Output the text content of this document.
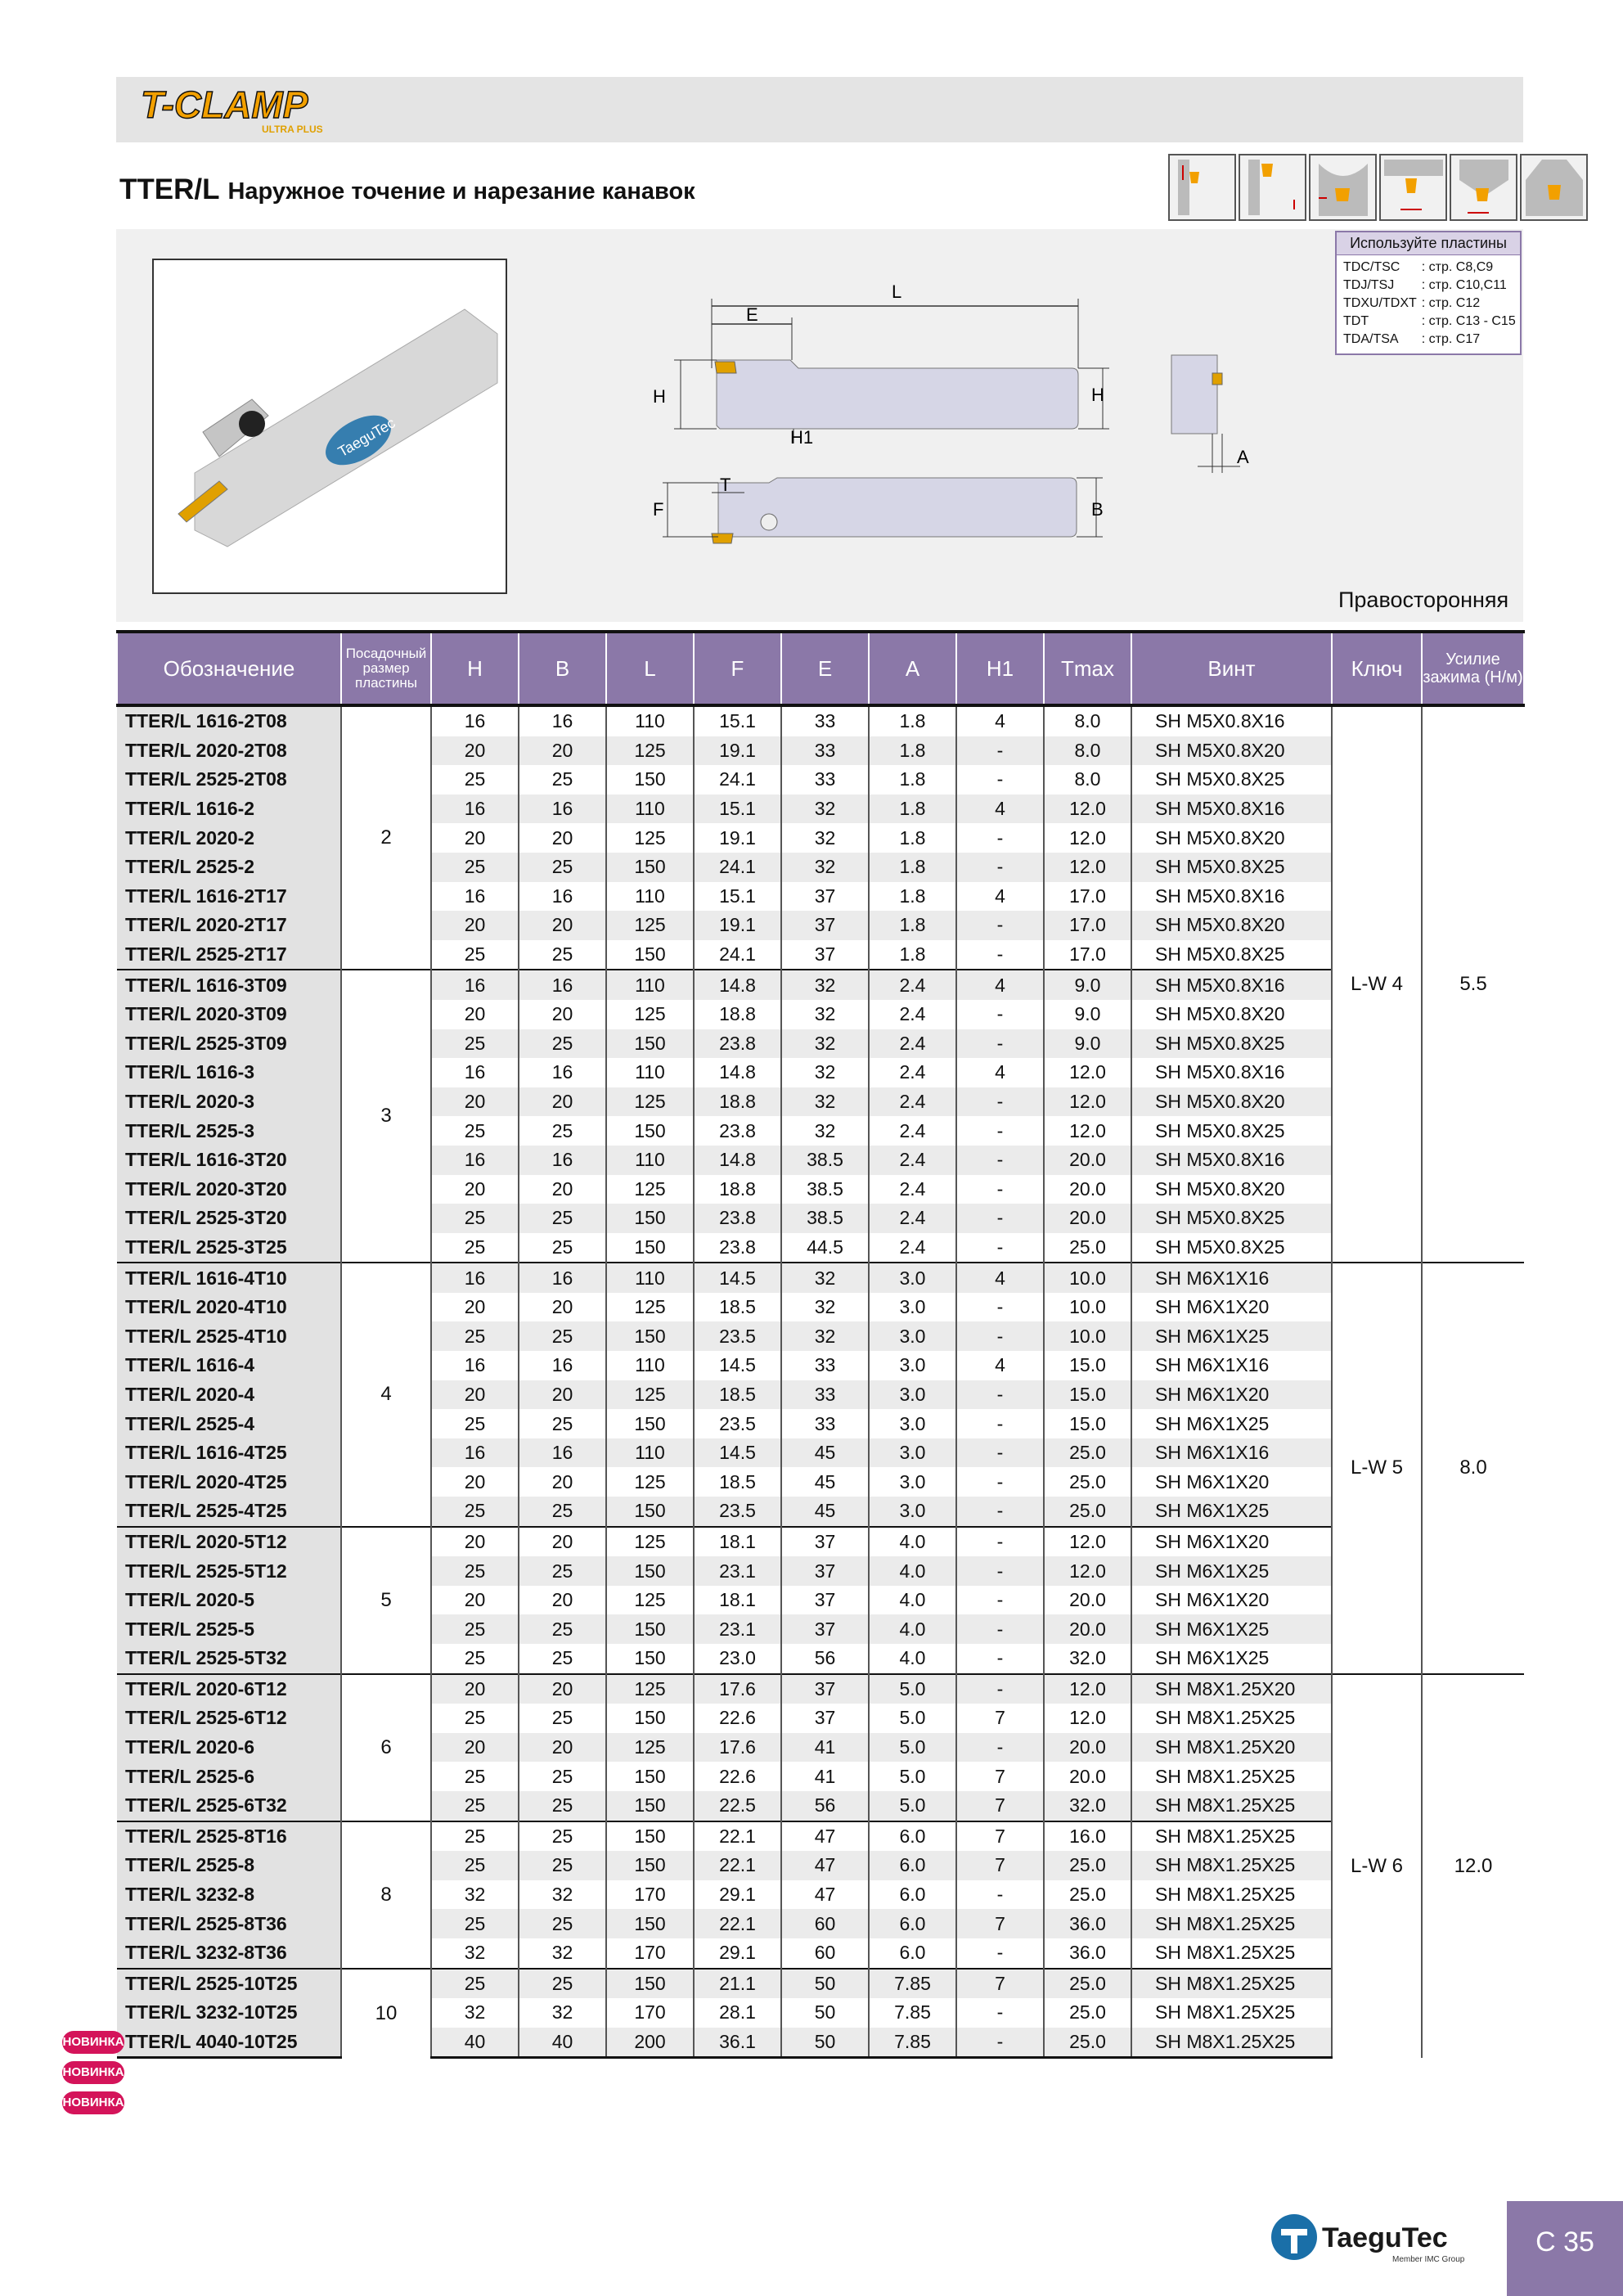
T-CLAMP
ULTRA PLUS
TTER/L Наружное точение и нарезание канавок
TaeguTec
L
E
H	H
H1
F
T
B
A
Используйте пластины
TDC/TSC	: стр. C8,C9
TDJ/TSJ	: стр. C10,C11
TDXU/TDXT	: стр. C12
TDT	: стр. C13 - C15
TDA/TSA	: стр. C17
Правосторонняя
Обозначение	Посадочный размер пластины	H	B	L	F	E	A	H1	Tmax	Винт	Ключ	Усилие зажима (Н/м)
TTER/L 1616-2T08	2	16	16	110	15.1	33	1.8	4	8.0	SH M5X0.8X16	L-W 4	5.5
TTER/L 2020-2T08		20	20	125	19.1	33	1.8	-	8.0	SH M5X0.8X20		
TTER/L 2525-2T08		25	25	150	24.1	33	1.8	-	8.0	SH M5X0.8X25		
TTER/L 1616-2		16	16	110	15.1	32	1.8	4	12.0	SH M5X0.8X16		
TTER/L 2020-2		20	20	125	19.1	32	1.8	-	12.0	SH M5X0.8X20		
TTER/L 2525-2		25	25	150	24.1	32	1.8	-	12.0	SH M5X0.8X25		
TTER/L 1616-2T17		16	16	110	15.1	37	1.8	4	17.0	SH M5X0.8X16		
TTER/L 2020-2T17		20	20	125	19.1	37	1.8	-	17.0	SH M5X0.8X20		
TTER/L 2525-2T17		25	25	150	24.1	37	1.8	-	17.0	SH M5X0.8X25		
TTER/L 1616-3T09	3	16	16	110	14.8	32	2.4	4	9.0	SH M5X0.8X16		
TTER/L 2020-3T09		20	20	125	18.8	32	2.4	-	9.0	SH M5X0.8X20		
TTER/L 2525-3T09		25	25	150	23.8	32	2.4	-	9.0	SH M5X0.8X25		
TTER/L 1616-3		16	16	110	14.8	32	2.4	4	12.0	SH M5X0.8X16		
TTER/L 2020-3		20	20	125	18.8	32	2.4	-	12.0	SH M5X0.8X20		
TTER/L 2525-3		25	25	150	23.8	32	2.4	-	12.0	SH M5X0.8X25		
TTER/L 1616-3T20		16	16	110	14.8	38.5	2.4	-	20.0	SH M5X0.8X16		
TTER/L 2020-3T20		20	20	125	18.8	38.5	2.4	-	20.0	SH M5X0.8X20		
TTER/L 2525-3T20		25	25	150	23.8	38.5	2.4	-	20.0	SH M5X0.8X25		
TTER/L 2525-3T25		25	25	150	23.8	44.5	2.4	-	25.0	SH M5X0.8X25		
TTER/L 1616-4T10	4	16	16	110	14.5	32	3.0	4	10.0	SH M6X1X16	L-W 5	8.0
TTER/L 2020-4T10		20	20	125	18.5	32	3.0	-	10.0	SH M6X1X20		
TTER/L 2525-4T10		25	25	150	23.5	32	3.0	-	10.0	SH M6X1X25		
TTER/L 1616-4		16	16	110	14.5	33	3.0	4	15.0	SH M6X1X16		
TTER/L 2020-4		20	20	125	18.5	33	3.0	-	15.0	SH M6X1X20		
TTER/L 2525-4		25	25	150	23.5	33	3.0	-	15.0	SH M6X1X25		
TTER/L 1616-4T25		16	16	110	14.5	45	3.0	-	25.0	SH M6X1X16		
TTER/L 2020-4T25		20	20	125	18.5	45	3.0	-	25.0	SH M6X1X20		
TTER/L 2525-4T25		25	25	150	23.5	45	3.0	-	25.0	SH M6X1X25		
TTER/L 2020-5T12	5	20	20	125	18.1	37	4.0	-	12.0	SH M6X1X20		
TTER/L 2525-5T12		25	25	150	23.1	37	4.0	-	12.0	SH M6X1X25		
TTER/L 2020-5		20	20	125	18.1	37	4.0	-	20.0	SH M6X1X20		
TTER/L 2525-5		25	25	150	23.1	37	4.0	-	20.0	SH M6X1X25		
TTER/L 2525-5T32		25	25	150	23.0	56	4.0	-	32.0	SH M6X1X25		
TTER/L 2020-6T12	6	20	20	125	17.6	37	5.0	-	12.0	SH M8X1.25X20	L-W 6	12.0
TTER/L 2525-6T12		25	25	150	22.6	37	5.0	7	12.0	SH M8X1.25X25		
TTER/L 2020-6		20	20	125	17.6	41	5.0	-	20.0	SH M8X1.25X20		
TTER/L 2525-6		25	25	150	22.6	41	5.0	7	20.0	SH M8X1.25X25		
TTER/L 2525-6T32		25	25	150	22.5	56	5.0	7	32.0	SH M8X1.25X25		
TTER/L 2525-8T16	8	25	25	150	22.1	47	6.0	7	16.0	SH M8X1.25X25		
TTER/L 2525-8		25	25	150	22.1	47	6.0	7	25.0	SH M8X1.25X25		
TTER/L 3232-8		32	32	170	29.1	47	6.0	-	25.0	SH M8X1.25X25		
TTER/L 2525-8T36		25	25	150	22.1	60	6.0	7	36.0	SH M8X1.25X25		
TTER/L 3232-8T36		32	32	170	29.1	60	6.0	-	36.0	SH M8X1.25X25		
TTER/L 2525-10T25	10	25	25	150	21.1	50	7.85	7	25.0	SH M8X1.25X25		
TTER/L 3232-10T25		32	32	170	28.1	50	7.85	-	25.0	SH M8X1.25X25		
TTER/L 4040-10T25		40	40	200	36.1	50	7.85	-	25.0	SH M8X1.25X25		
НОВИНКА
НОВИНКА
НОВИНКА
TaeguTec
Member IMC Group
C 35
